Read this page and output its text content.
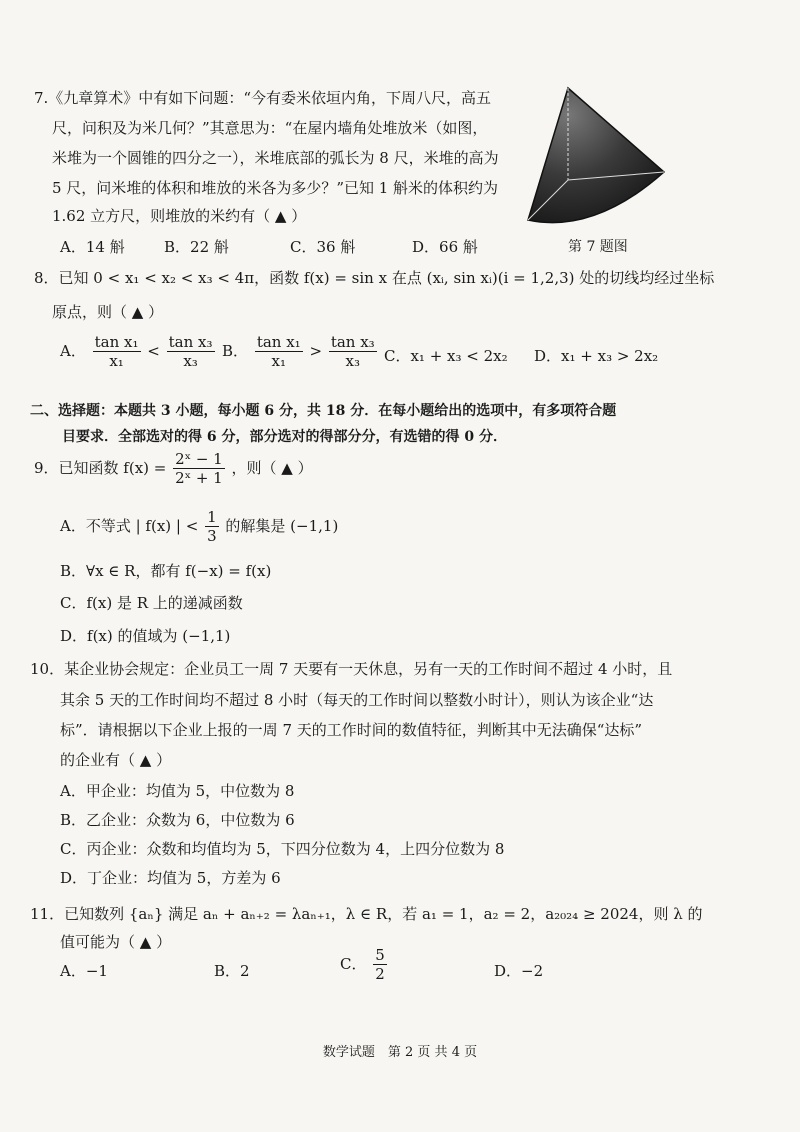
7.《九章算术》中有如下问题：“今有委米依垣内角，下周八尺，高五
尺，问积及为米几何？”其意思为：“在屋内墙角处堆放米（如图，
米堆为一个圆锥的四分之一），米堆底部的弧长为 8 尺，米堆的高为
5 尺，问米堆的体积和堆放的米各为多少？”已知 1 斛米的体积约为
1.62 立方尺，则堆放的米约有（ ▲ ）
A．14 斛	B．22 斛	C．36 斛	D．66 斛	第 7 题图
8．已知 0 < x₁ < x₂ < x₃ < 4π，函数 f(x) = sin x 在点 (xᵢ, sin xᵢ)(i = 1,2,3) 处的切线均经过坐标
原点，则（ ▲ ）
A． $\frac{\text{tan x₁}}{\text{x₁}} < \frac{\text{tan x₃}}{\text{x₃}}$ B． $\frac{\text{tan x₁}}{\text{x₁}} > \frac{\text{tan x₃}}{\text{x₃}}$ C．x₁ + x₃ < 2x₂ D．x₁ + x₃ > 2x₂
二、选择题：本题共 3 小题，每小题 6 分，共 18 分．在每小题给出的选项中，有多项符合题
目要求．全部选对的得 6 分，部分选对的得部分分，有选错的得 0 分．
9．已知函数 $f(x) = \frac{\text{2ˣ − 1}}{\text{2ˣ + 1}}$ ，则（ ▲ ）
A．不等式 | f(x) | < $\frac{1}{3}$ 的解集是 (−1,1)
B．∀x ∈ R，都有 f(−x) = f(x)
C．f(x) 是 R 上的递减函数
D．f(x) 的值域为 (−1,1)
10．某企业协会规定：企业员工一周 7 天要有一天休息，另有一天的工作时间不超过 4 小时，且
其余 5 天的工作时间均不超过 8 小时（每天的工作时间以整数小时计），则认为该企业“达
标”．请根据以下企业上报的一周 7 天的工作时间的数值特征，判断其中无法确保“达标”
的企业有（ ▲ ）
A．甲企业：均值为 5，中位数为 8
B．乙企业：众数为 6，中位数为 6
C．丙企业：众数和均值均为 5，下四分位数为 4，上四分位数为 8
D．丁企业：均值为 5，方差为 6
11．已知数列 {aₙ} 满足 aₙ + aₙ₊₂ = λaₙ₊₁，λ ∈ R，若 a₁ = 1，a₂ = 2，a₂₀₂₄ ≥ 2024，则 λ 的
值可能为（ ▲ ）
A．−1	B．2	C． $\frac{5}{2}$	D．−2
数学试题　第 2 页 共 4 页
